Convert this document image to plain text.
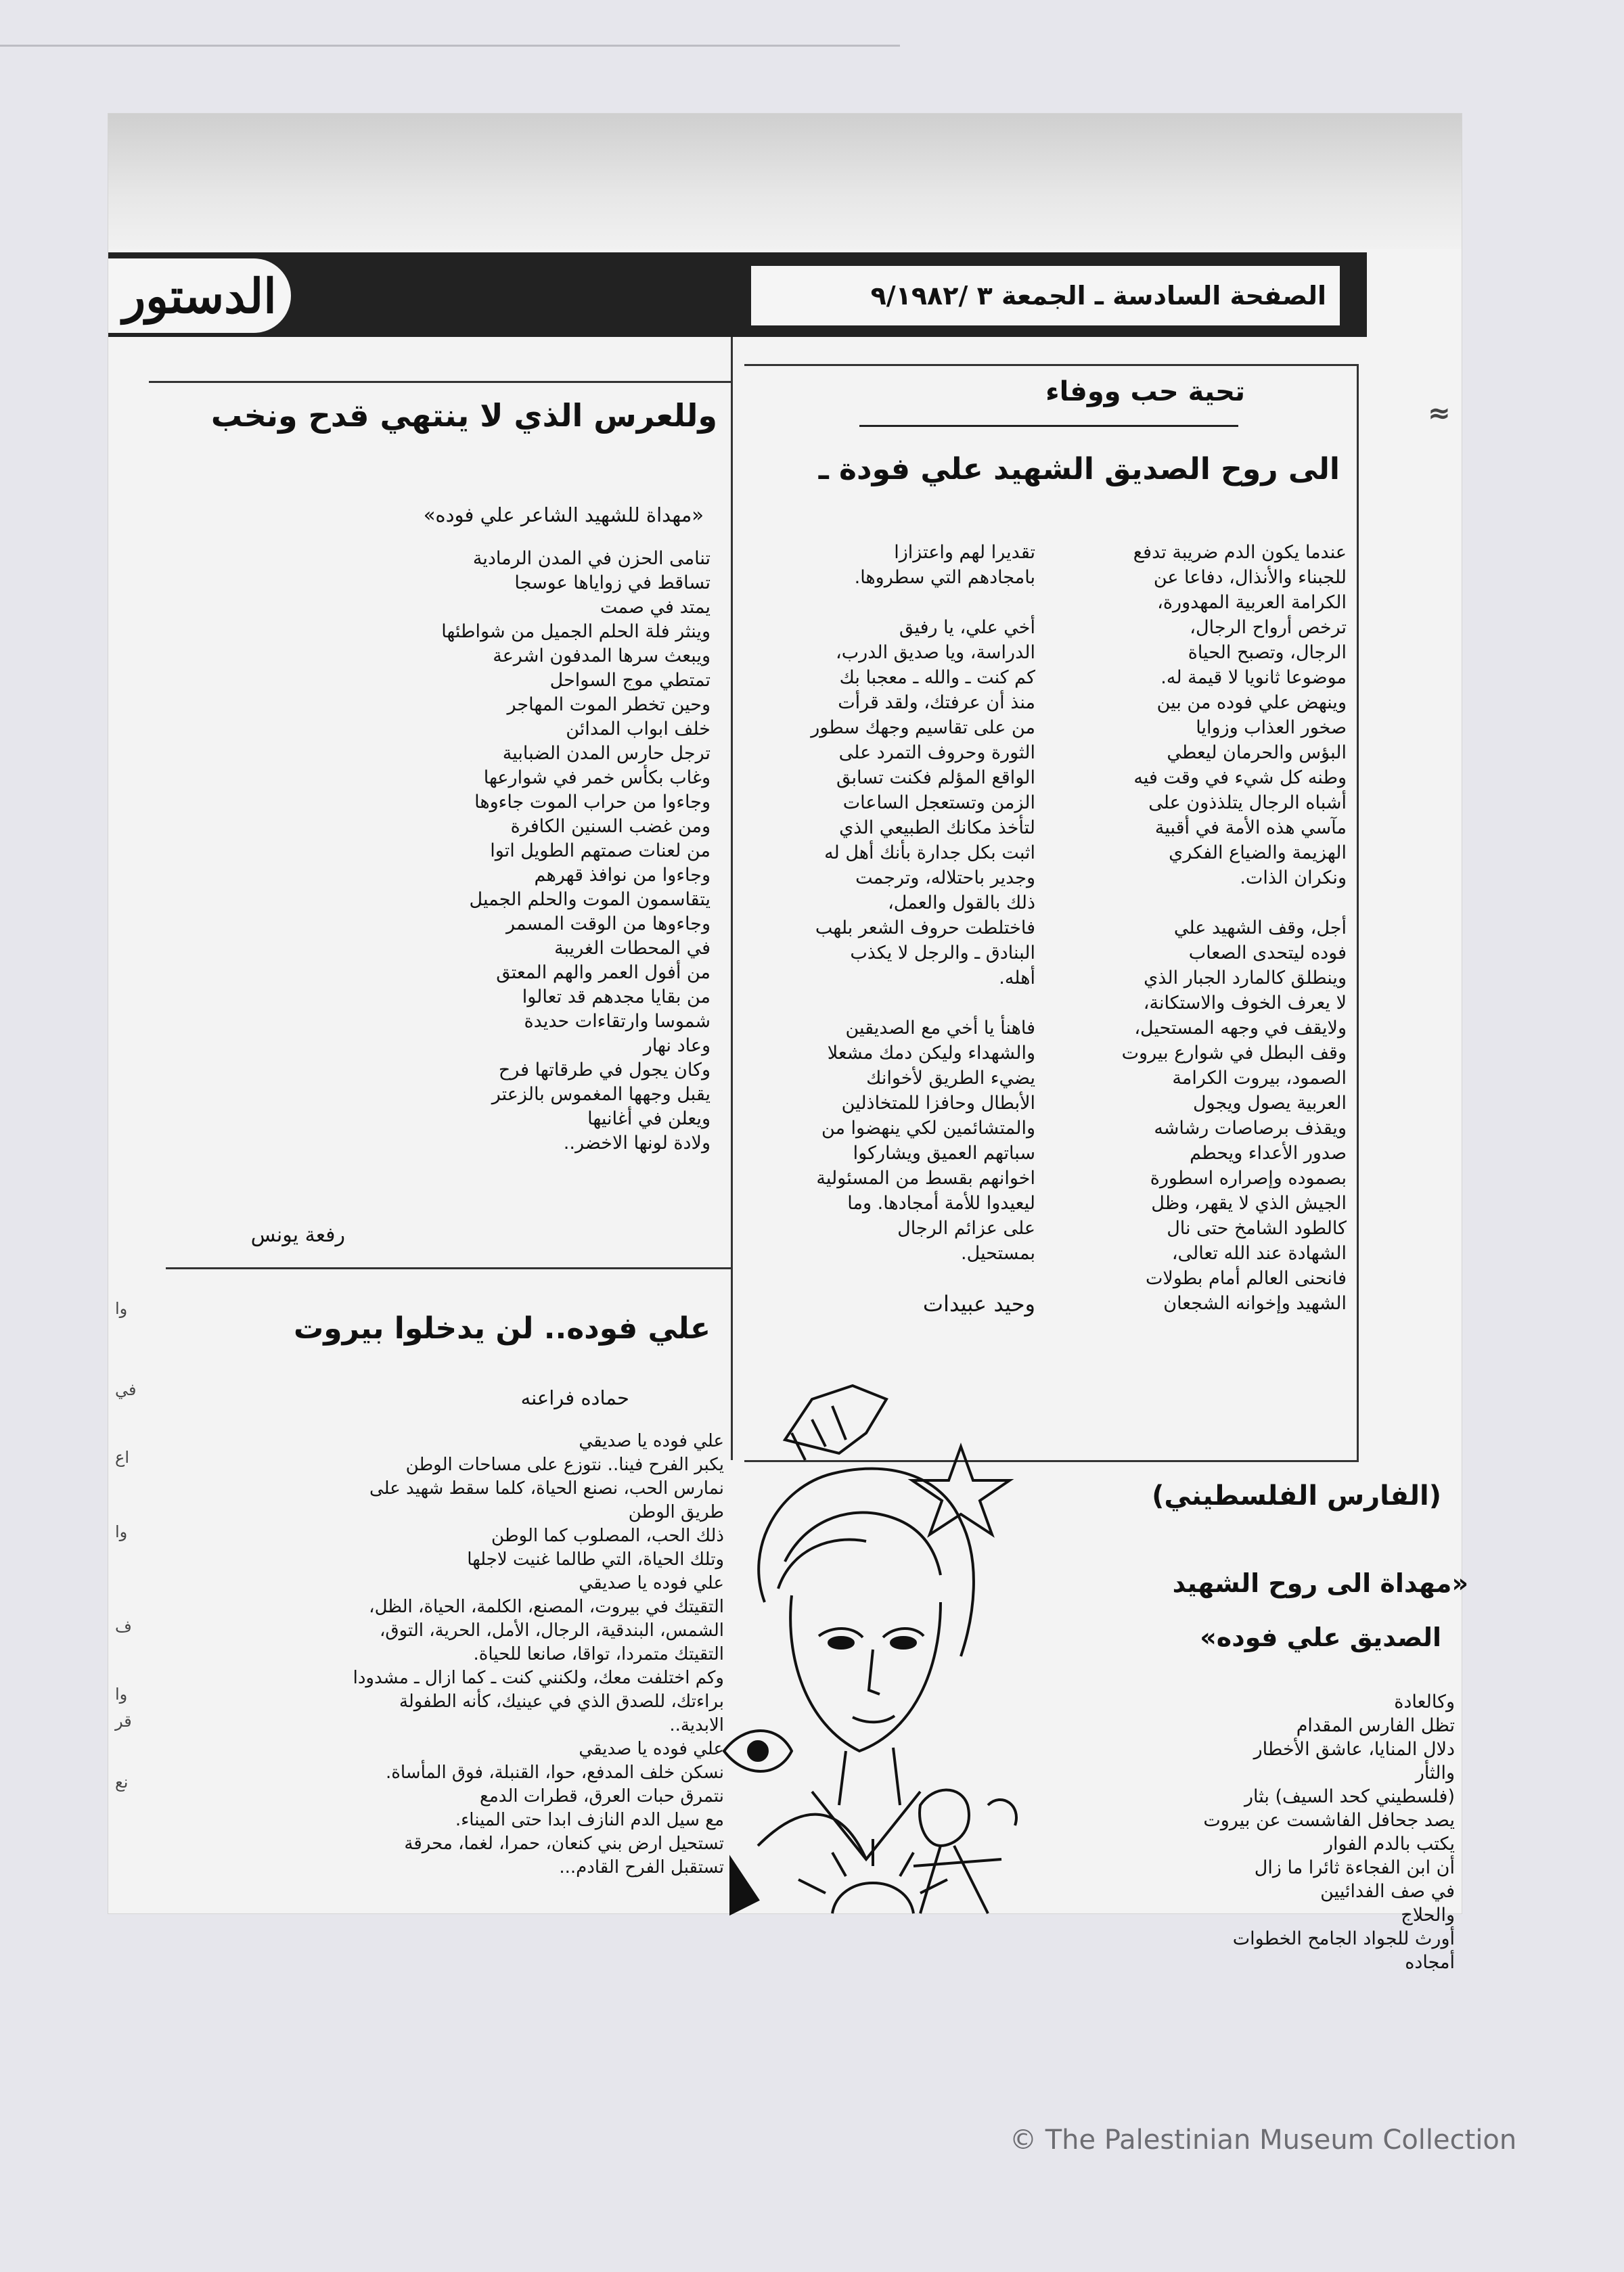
الدستور	الصفحة السادسة ـ الجمعة ٣ /٩/١٩٨٢
تحية حب ووفاء
الى روح الصديق الشهيد علي فودة ـ
عندما يكون الدم ضريبة تدفع
للجبناء والأنذال، دفاعا عن
الكرامة العربية المهدورة،
ترخص أرواح الرجال،
الرجال، وتصبح الحياة
موضوعا ثانويا لا قيمة له.
وينهض علي فوده من بين
صخور العذاب وزوايا
البؤس والحرمان ليعطي
وطنه كل شيء في وقت فيه
أشباه الرجال يتلذذون على
مآسي هذه الأمة في أقبية
الهزيمة والضياع الفكري
ونكران الذات.

أجل، وقف الشهيد علي
فوده ليتحدى الصعاب
وينطلق كالمارد الجبار الذي
لا يعرف الخوف والاستكانة،
ولايقف في وجهه المستحيل،
وقف البطل في شوارع بيروت
الصمود، بيروت الكرامة
العربية يصول ويجول
ويقذف برصاصات رشاشه
صدور الأعداء ويحطم
بصموده وإصراره اسطورة
الجيش الذي لا يقهر، وظل
كالطود الشامخ حتى نال
الشهادة عند الله تعالى،
فانحنى العالم أمام بطولات
الشهيد وإخوانه الشجعان
تقديرا لهم واعتزازا
بامجادهم التي سطروها.

أخي علي، يا رفيق
الدراسة، ويا صديق الدرب،
كم كنت ـ والله ـ معجبا بك
منذ أن عرفتك، ولقد قرأت
من على تقاسيم وجهك سطور
الثورة وحروف التمرد على
الواقع المؤلم فكنت تسابق
الزمن وتستعجل الساعات
لتأخذ مكانك الطبيعي الذي
اثبت بكل جدارة بأنك أهل له
وجدير باحتلاله، وترجمت
ذلك بالقول والعمل،
فاختلطت حروف الشعر بلهب
البنادق ـ والرجل لا يكذب
أهله.

فاهنأ يا أخي مع الصديقين
والشهداء وليكن دمك مشعلا
يضيء الطريق لأخوانك
الأبطال وحافزا للمتخاذلين
والمتشائمين لكي ينهضوا من
سباتهم العميق ويشاركوا
اخوانهم بقسط من المسئولية
ليعيدوا للأمة أمجادها. وما
على عزائم الرجال
بمستحيل.
وحيد عبيدات
وللعرس الذي لا ينتهي قدح ونخب
«مهداة للشهيد الشاعر علي فوده»
تنامى الحزن في المدن الرمادية
تساقط في زواياها عوسجا
يمتد في صمت
وينثر فلة الحلم الجميل من شواطئها
ويبعث سرها المدفون اشرعة
تمتطي موج السواحل
وحين تخطر الموت المهاجر
خلف ابواب المدائن
ترجل حارس المدن الضبابية
وغاب بكأس خمر في شوارعها
وجاءوا من حراب الموت جاءوها
ومن غضب السنين الكافرة
من لعنات صمتهم الطويل اتوا
وجاءوا من نوافذ قهرهم
يتقاسمون الموت والحلم الجميل
وجاءوها من الوقت المسمر
في المحطات الغريبة
من أفول العمر والهم المعتق
من بقايا مجدهم قد تعالوا
شموسا وارتقاءات حديدة
وعاد نهار
وكان يجول في طرقاتها فرح
يقبل وجهها المغموس بالزعتر
ويعلن في أغانيها
ولادة لونها الاخضر..
رفعة يونس
علي فوده.. لن يدخلوا بيروت
حماده فراعنه
علي فوده يا صديقي
يكبر الفرح فينا.. نتوزع على مساحات الوطن
نمارس الحب، نصنع الحياة، كلما سقط شهيد على
طريق الوطن
ذلك الحب، المصلوب كما الوطن
وتلك الحياة، التي طالما غنيت لاجلها
علي فوده يا صديقي
التقيتك في بيروت، المصنع، الكلمة، الحياة، الظل،
الشمس، البندقية، الرجال، الأمل، الحرية، التوق،
التقيتك متمردا، تواقا، صانعا للحياة.
وكم اختلفت معك، ولكنني كنت ـ كما ازال ـ مشدودا
براءتك، للصدق الذي في عينيك، كأنه الطفولة
الابدية..
علي فوده يا صديقي
نسكن خلف المدفع، حوا، القنبلة، فوق المأساة.
نتمرق حبات العرق، قطرات الدمع
مع سيل الدم النازف ابدا حتى الميناء.
تستحيل ارض بني كنعان، حمرا، لغما، محرقة
تستقبل الفرح القادم...
(الفارس الفلسطيني)
«مهداة الى روح الشهيد
الصديق علي فوده»
وكالعادة
تظل الفارس المقدام
دلال المنايا، عاشق الأخطار
والثأر
(فلسطيني كحد السيف) بثار
يصد جحافل الفاشست عن بيروت
يكتب بالدم الفوار
أن ابن الفجاءة ثائرا ما زال
في صف الفدائيين
والحلاج
أورث للجواد الجامح الخطوات
أمجاده
≈
وا
في
اع
وا
ف
وا
قر
نع
© The Palestinian Museum Collection
